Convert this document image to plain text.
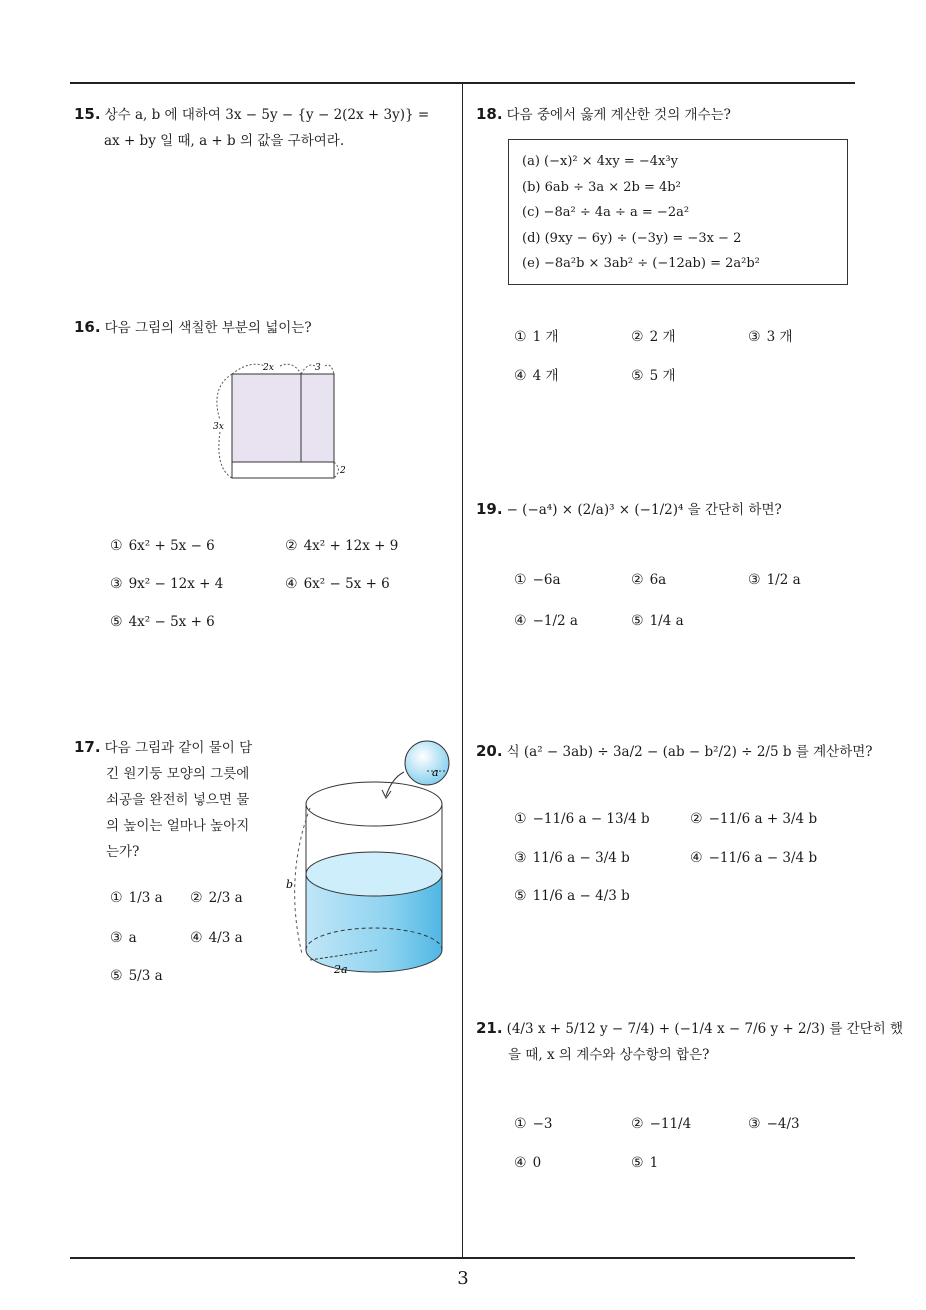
15. 상수 a, b 에 대하여 3x − 5y − {y − 2(2x + 3y)} =
ax + by 일 때, a + b 의 값을 구하여라.
16. 다음 그림의 색칠한 부분의 넓이는?
2x	3
3x
2
① 6x² + 5x − 6	② 4x² + 12x + 9
③ 9x² − 12x + 4	④ 6x² − 5x + 6
⑤ 4x² − 5x + 6
17. 다음 그림과 같이 물이 담
긴 원기둥 모양의 그릇에
쇠공을 완전히 넣으면 물
의 높이는 얼마나 높아지
는가?
a
b
2a
① 1/3 a ② 2/3 a
③ a	④ 4/3 a
⑤ 5/3 a
18. 다음 중에서 옳게 계산한 것의 개수는?
(a) (−x)² × 4xy = −4x³y
(b) 6ab ÷ 3a × 2b = 4b²
(c) −8a² ÷ 4a ÷ a = −2a²
(d) (9xy − 6y) ÷ (−3y) = −3x − 2
(e) −8a²b × 3ab² ÷ (−12ab) = 2a²b²
① 1 개	② 2 개	③ 3 개
④ 4 개	⑤ 5 개
19. − (−a⁴) × (2/a)³ × (−1/2)⁴ 을 간단히 하면?
① −6a	② 6a	③ 1/2 a
④ −1/2 a	⑤ 1/4 a
20. 식 (a² − 3ab) ÷ 3a/2 − (ab − b²/2) ÷ 2/5 b 를 계산하면?
① −11/6 a − 13/4 b	② −11/6 a + 3/4 b
③ 11/6 a − 3/4 b	④ −11/6 a − 3/4 b
⑤ 11/6 a − 4/3 b
21. (4/3 x + 5/12 y − 7/4) + (−1/4 x − 7/6 y + 2/3) 를 간단히 했
을 때, x 의 계수와 상수항의 합은?
① −3	② −11/4	③ −4/3
④ 0	⑤ 1
3
